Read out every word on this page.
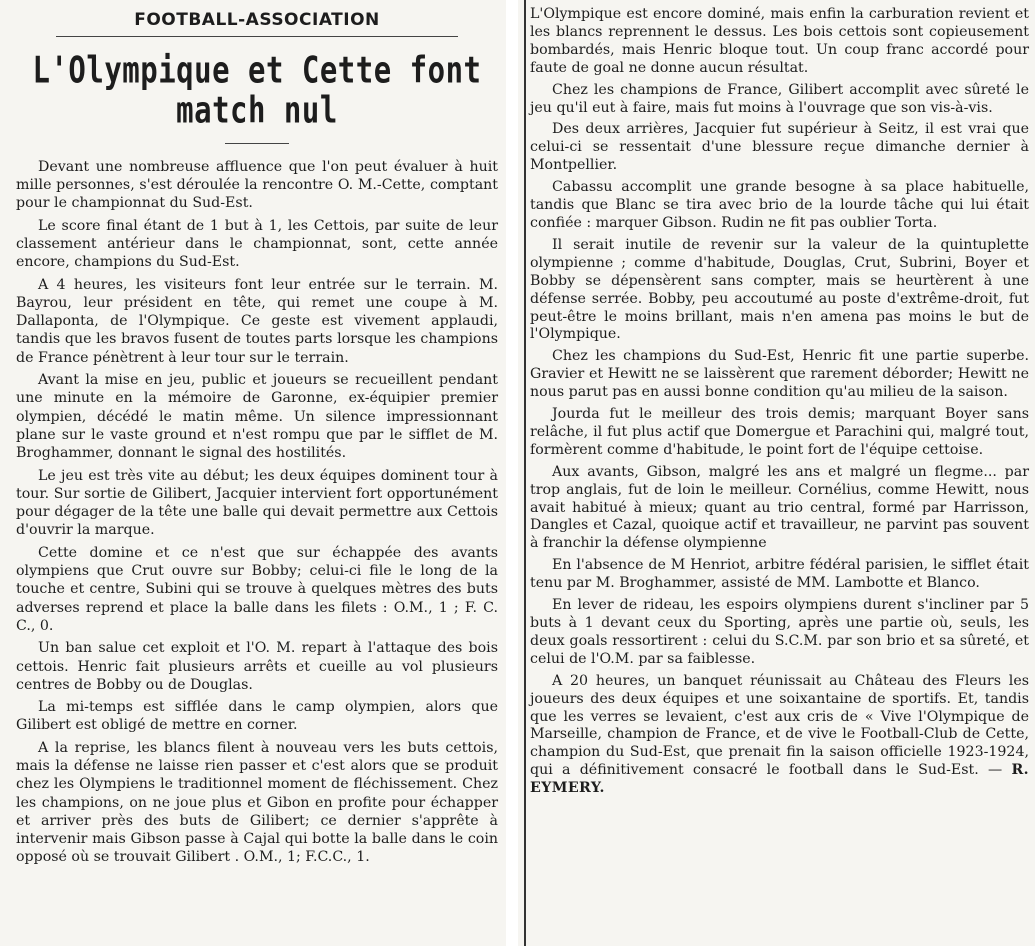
FOOTBALL-ASSOCIATION
L'Olympique et Cette font match nul

Devant une nombreuse affluence que l'on peut évaluer à huit mille personnes, s'est déroulée la rencontre O. M.-Cette, comptant pour le championnat du Sud-Est.

Le score final étant de 1 but à 1, les Cettois, par suite de leur classement antérieur dans le championnat, sont, cette année encore, champions du Sud-Est.

A 4 heures, les visiteurs font leur entrée sur le terrain. M. Bayrou, leur président en tête, qui remet une coupe à M. Dallaponta, de l'Olympique. Ce geste est vivement applaudi, tandis que les bravos fusent de toutes parts lorsque les champions de France pénètrent à leur tour sur le terrain.

Avant la mise en jeu, public et joueurs se recueillent pendant une minute en la mémoire de Garonne, ex-équipier premier olympien, décédé le matin même. Un silence impressionnant plane sur le vaste ground et n'est rompu que par le sifflet de M. Broghammer, donnant le signal des hostilités.

Le jeu est très vite au début; les deux équipes dominent tour à tour. Sur sortie de Gilibert, Jacquier intervient fort opportunément pour dégager de la tête une balle qui devait permettre aux Cettois d'ouvrir la marque.

Cette domine et ce n'est que sur échappée des avants olympiens que Crut ouvre sur Bobby; celui-ci file le long de la touche et centre, Subini qui se trouve à quelques mètres des buts adverses reprend et place la balle dans les filets : O.M., 1 ; F. C. C., 0.

Un ban salue cet exploit et l'O. M. repart à l'attaque des bois cettois. Henric fait plusieurs arrêts et cueille au vol plusieurs centres de Bobby ou de Douglas.

La mi-temps est sifflée dans le camp olympien, alors que Gilibert est obligé de mettre en corner.

A la reprise, les blancs filent à nouveau vers les buts cettois, mais la défense ne laisse rien passer et c'est alors que se produit chez les Olympiens le traditionnel moment de fléchissement. Chez les champions, on ne joue plus et Gibon en profite pour échapper et arriver près des buts de Gilibert; ce dernier s'apprête à intervenir mais Gibson passe à Cajal qui botte la balle dans le coin opposé où se trouvait Gilibert . O.M., 1; F.C.C., 1.

L'Olympique est encore dominé, mais enfin la carburation revient et les blancs reprennent le dessus. Les bois cettois sont copieusement bombardés, mais Henric bloque tout. Un coup franc accordé pour faute de goal ne donne aucun résultat.

Chez les champions de France, Gilibert accomplit avec sûreté le jeu qu'il eut à faire, mais fut moins à l'ouvrage que son vis-à-vis.

Des deux arrières, Jacquier fut supérieur à Seitz, il est vrai que celui-ci se ressentait d'une blessure reçue dimanche dernier à Montpellier.

Cabassu accomplit une grande besogne à sa place habituelle, tandis que Blanc se tira avec brio de la lourde tâche qui lui était confiée : marquer Gibson. Rudin ne fit pas oublier Torta.

Il serait inutile de revenir sur la valeur de la quintuplette olympienne ; comme d'habitude, Douglas, Crut, Subrini, Boyer et Bobby se dépensèrent sans compter, mais se heurtèrent à une défense serrée. Bobby, peu accoutumé au poste d'extrême-droit, fut peut-être le moins brillant, mais n'en amena pas moins le but de l'Olympique.

Chez les champions du Sud-Est, Henric fit une partie superbe. Gravier et Hewitt ne se laissèrent que rarement déborder; Hewitt ne nous parut pas en aussi bonne condition qu'au milieu de la saison.

Jourda fut le meilleur des trois demis; marquant Boyer sans relâche, il fut plus actif que Domergue et Parachini qui, malgré tout, formèrent comme d'habitude, le point fort de l'équipe cettoise.

Aux avants, Gibson, malgré les ans et malgré un flegme... par trop anglais, fut de loin le meilleur. Cornélius, comme Hewitt, nous avait habitué à mieux; quant au trio central, formé par Harrisson, Dangles et Cazal, quoique actif et travailleur, ne parvint pas souvent à franchir la défense olympienne

En l'absence de M Henriot, arbitre fédéral parisien, le sifflet était tenu par M. Broghammer, assisté de MM. Lambotte et Blanco.

En lever de rideau, les espoirs olympiens durent s'incliner par 5 buts à 1 devant ceux du Sporting, après une partie où, seuls, les deux goals ressortirent : celui du S.C.M. par son brio et sa sûreté, et celui de l'O.M. par sa faiblesse.

A 20 heures, un banquet réunissait au Château des Fleurs les joueurs des deux équipes et une soixantaine de sportifs. Et, tandis que les verres se levaient, c'est aux cris de « Vive l'Olympique de Marseille, champion de France, et de vive le Football-Club de Cette, champion du Sud-Est, que prenait fin la saison officielle 1923-1924, qui a définitivement consacré le football dans le Sud-Est. — R. EYMERY.
